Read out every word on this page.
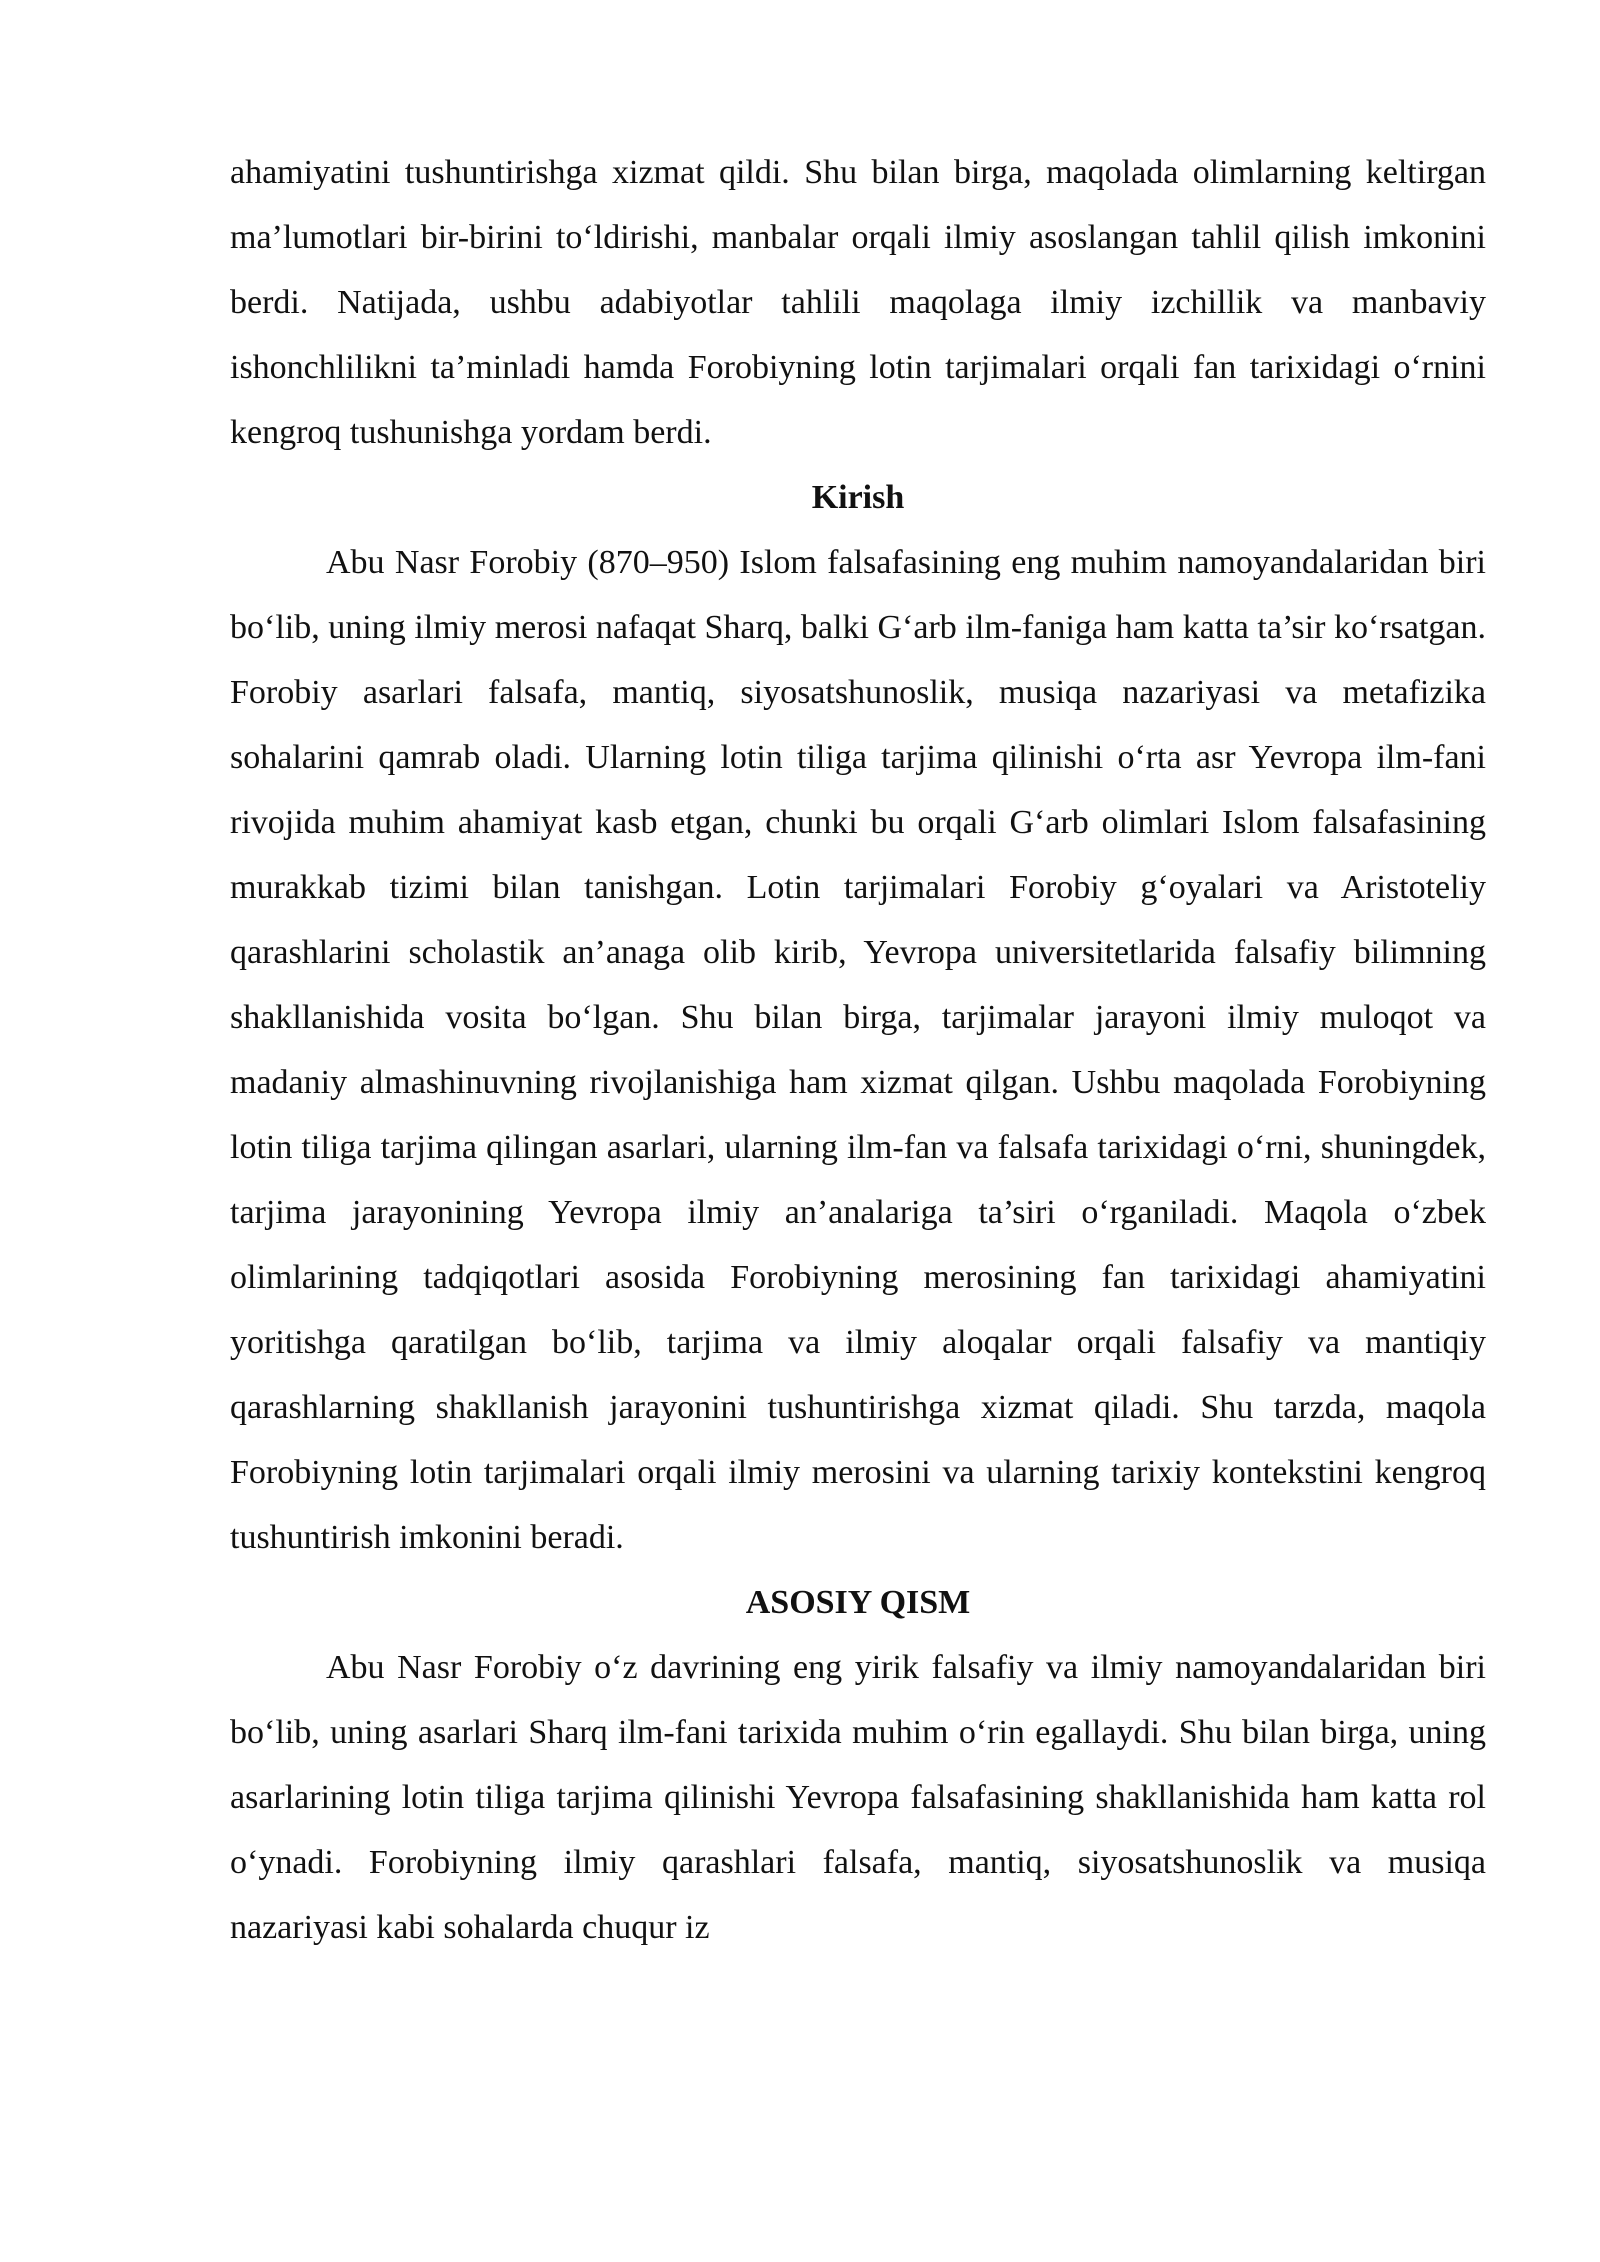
ahamiyatini tushuntirishga xizmat qildi. Shu bilan birga, maqolada olimlarning keltirgan ma’lumotlari bir-birini to‘ldirishi, manbalar orqali ilmiy asoslangan tahlil qilish imkonini berdi. Natijada, ushbu adabiyotlar tahlili maqolaga ilmiy izchillik va manbaviy ishonchlilikni ta’minladi hamda Forobiyning lotin tarjimalari orqali fan tarixidagi o‘rnini kengroq tushunishga yordam berdi.

Kirish

Abu Nasr Forobiy (870–950) Islom falsafasining eng muhim namoyandalaridan biri bo‘lib, uning ilmiy merosi nafaqat Sharq, balki G‘arb ilm-faniga ham katta ta’sir ko‘rsatgan. Forobiy asarlari falsafa, mantiq, siyosatshunoslik, musiqa nazariyasi va metafizika sohalarini qamrab oladi. Ularning lotin tiliga tarjima qilinishi o‘rta asr Yevropa ilm-fani rivojida muhim ahamiyat kasb etgan, chunki bu orqali G‘arb olimlari Islom falsafasining murakkab tizimi bilan tanishgan. Lotin tarjimalari Forobiy g‘oyalari va Aristoteliy qarashlarini scholastik an’anaga olib kirib, Yevropa universitetlarida falsafiy bilimning shakllanishida vosita bo‘lgan. Shu bilan birga, tarjimalar jarayoni ilmiy muloqot va madaniy almashinuvning rivojlanishiga ham xizmat qilgan. Ushbu maqolada Forobiyning lotin tiliga tarjima qilingan asarlari, ularning ilm-fan va falsafa tarixidagi o‘rni, shuningdek, tarjima jarayonining Yevropa ilmiy an’analariga ta’siri o‘rganiladi. Maqola o‘zbek olimlarining tadqiqotlari asosida Forobiyning merosining fan tarixidagi ahamiyatini yoritishga qaratilgan bo‘lib, tarjima va ilmiy aloqalar orqali falsafiy va mantiqiy qarashlarning shakllanish jarayonini tushuntirishga xizmat qiladi. Shu tarzda, maqola Forobiyning lotin tarjimalari orqali ilmiy merosini va ularning tarixiy kontekstini kengroq tushuntirish imkonini beradi.

ASOSIY QISM

Abu Nasr Forobiy o‘z davrining eng yirik falsafiy va ilmiy namoyandalaridan biri bo‘lib, uning asarlari Sharq ilm-fani tarixida muhim o‘rin egallaydi. Shu bilan birga, uning asarlarining lotin tiliga tarjima qilinishi Yevropa falsafasining shakllanishida ham katta rol o‘ynadi. Forobiyning ilmiy qarashlari falsafa, mantiq, siyosatshunoslik va musiqa nazariyasi kabi sohalarda chuqur iz
